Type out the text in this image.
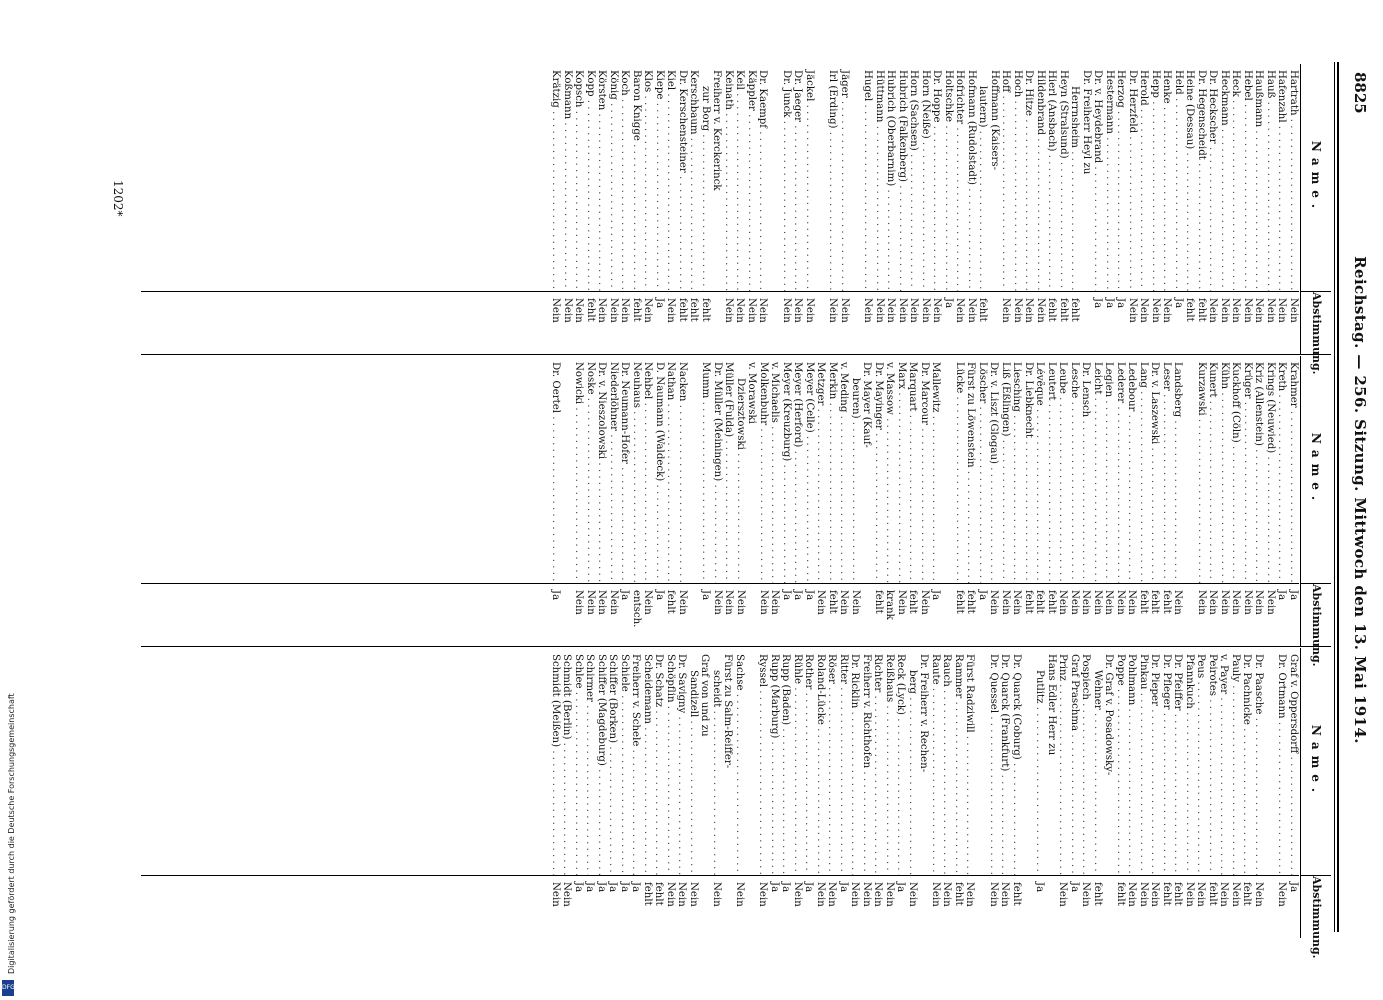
8825
Reichstag. — 256. Sitzung. Mittwoch den 13. Mai 1914.
Name.
Abstimmung.
Hartrath . . .
Nein
Hafenzahl . . .
Nein
Hauß . . .
Nein
Haußmann . . .
Nein
Hebel . . .
Nein
Heck . . .
Nein
Heckmann . . .
Nein
Dr. Heckscher . . .
Nein
Dr. Hegenscheidt . . .
fehlt
Heine (Dessau) . . .
fehlt
Held . . .
Ja
Henke . . .
Nein
Hepp . . .
Nein
Herold . . .
Nein
Dr. Herzfeld . . .
Nein
Herzog . . .
Ja
Hestermann . . .
Ja
Dr. v. Heydebrand . . .
Ja
Dr. Freiherr Heyl zu
Herrnsheim . . .
fehlt
Heyn (Stralsund) . . .
fehlt
Hierl (Ansbach) . . .
fehlt
Hildenbrand . . .
Nein
Dr. Hitze . . .
Nein
Hoch . . .
Nein
Hoff . . .
Nein
Hoffmann (Kaisers-
lautern) . . .
fehlt
Hofmann (Rudolstadt) . . .
Nein
Hofrichter . . .
Nein
Holtschke . . .
Ja
Dr. Hoppe . . .
Nein
Horn (Neiße) . . .
Nein
Horn (Sachsen) . . .
Nein
Hubrich (Falkenberg) . . .
Nein
Hubrich (Oberbarnim) . . .
Nein
Hüttmann . . .
Nein
Hugel . . .
Nein
Jäger . . .
Nein
Irl (Erding) . . .
Nein
Jäckel . . .
Nein
Dr. Jaeger . . .
Nein
Dr. Junck . . .
Nein
Dr. Kaempf . . .
Nein
Käppler . . .
Nein
Keil . . .
Nein
Keinath . . .
Nein
Freiherr v. Kerckerinck
zur Borg . . .
fehlt
Kerschbaum . . .
fehlt
Dr. Kerschensteiner . . .
fehlt
Kiel . . .
Nein
Kiepe . . .
Ja
Klos . . .
Nein
Baron Knigge . . .
fehlt
Koch . . .
Nein
König . . .
Nein
Körsten . . .
Nein
Kopp . . .
fehlt
Kopsch . . .
Nein
Koßmann . . .
Nein
Krätzig . . .
Nein
Name.
Abstimmung.
Krahmer . . .
Ja
Kreth . . .
Ja
Krings (Neuwied) . . .
Nein
Kriz (Allenstein) . . .
Nein
Krüger . . .
Nein
Kuckhoff (Cöln) . . .
Nein
Kühn . . .
Nein
Kunert . . .
Nein
Kurzawski . . .
Nein
Landsberg . . .
Nein
Leser . . .
fehlt
Dr. v. Laszewski . . .
fehlt
Lang . . .
fehlt
Ledebour . . .
Nein
Lederer . . .
Nein
Legien . . .
Nein
Leicht . . .
Nein
Dr. Lensch . . .
Nein
Lesche . . .
Nein
Leube . . .
Nein
Leutert . . .
fehlt
Lévêque . . .
fehlt
Dr. Liebknecht . . .
fehlt
Liesching . . .
Nein
Liß (Eßlingen) . . .
Nein
Dr. v. Liszt (Glogau) . . .
Nein
Löscher . . .
Ja
Fürst zu Löwenstein . . .
fehlt
Lücke . . .
fehlt
Mallewitz . . .
Ja
Dr. Marcour . . .
Nein
Marquart . . .
fehlt
Marx . . .
Nein
v. Massow . . .
krank
Dr. Mayinger . . .
fehlt
Dr. Mayer (Kauf-
beuren) . . .
Nein
v. Meding . . .
Nein
Merkin . . .
fehlt
Metzger . . .
Nein
Meyer (Celle) . . .
Ja
Meyer (Herford) . . .
Ja
Meyer (Kreuzburg) . . .
Ja
v. Michaelis . . .
Nein
Molkenbuhr . . .
Nein
v. Morawski
Dziersztowski . . .
Nein
Müller (Fulda) . . .
Nein
Dr. Müller (Meiningen) . . .
Nein
Mumm . . .
Ja
Nacken . . .
Nein
Nathan . . .
fehlt
D. Naumann (Waldeck) . . .
Ja
Nehbel . . .
Nein
Neuhaus . . .
entsch.
Dr. Neumann-Hofer . . .
Ja
Niederlöhner . . .
Nein
Dr. v. Nieszolowski . . .
Nein
Noske . . .
Nein
Nowicki . . .
Nein
Dr. Oertel . . .
Ja
Name.
Abstimmung.
Graf v. Oppersdorff . . .
Ja
Dr. Ortmann . . .
Nein
Dr. Paasche . . .
Nein
Dr. Pachnicke . . .
fehlt
Pauly . . .
Nein
v. Payer . . .
Nein
Peirotes . . .
fehlt
Peus . . .
Nein
Pfannkuch . . .
Nein
Dr. Pfeiffer . . .
fehlt
Dr. Pfleger . . .
fehlt
Dr. Pieper . . .
Nein
Pinkau . . .
Nein
Pohlmann . . .
Nein
Poppe . . .
fehlt
Dr. Graf v. Posadowsky-
Wehner . . .
fehlt
Pospiech . . .
Nein
Graf Praschma . . .
Ja
Prinz . . .
Nein
Hans Edler Herr zu
Putlitz . . .
Ja
Dr. Quarck (Coburg) . . .
fehlt
Dr. Quarck (Frankfurt) . . .
Nein
Dr. Quessel . . .
Nein
Fürst Radziwill . . .
Nein
Rammer . . .
fehlt
Rauch . . .
Nein
Raute . . .
Nein
Dr. Freiherr v. Rechen-
berg . . .
Nein
Reck (Lyck) . . .
Ja
Reißhaus . . .
Nein
Richter . . .
Nein
Freiherr v. Richthofen . . .
Nein
Dr. Ricklin . . .
Nein
Ritter . . .
Ja
Röser . . .
Nein
Roland-Lücke . . .
Nein
Rother . . .
Ja
Rühle . . .
Nein
Rupp (Baden) . . .
Ja
Rupp (Marburg) . . .
Ja
Ryssel . . .
Nein
Sachse . . .
Nein
Fürst zu Salm-Reiffer-
scheidt . . .
Nein
Graf von und zu
Sandizell . . .
Nein
Dr. Savigny . . .
Nein
Schöpflin . . .
Nein
Dr. Schatz . . .
fehlt
Scheidemann . . .
fehlt
Freiherr v. Schele . . .
Ja
Schiele . . .
Ja
Schiffer (Borken) . . .
Ja
Schiffer (Magdeburg) . . .
Ja
Schirmer . . .
Ja
Schlee . . .
Ja
Schmidt (Berlin) . . .
Nein
Schmidt (Meißen) . . .
Nein
1202*
Digitalisierung gefördert durch die Deutsche Forschungsgemeinschaft
DFG
